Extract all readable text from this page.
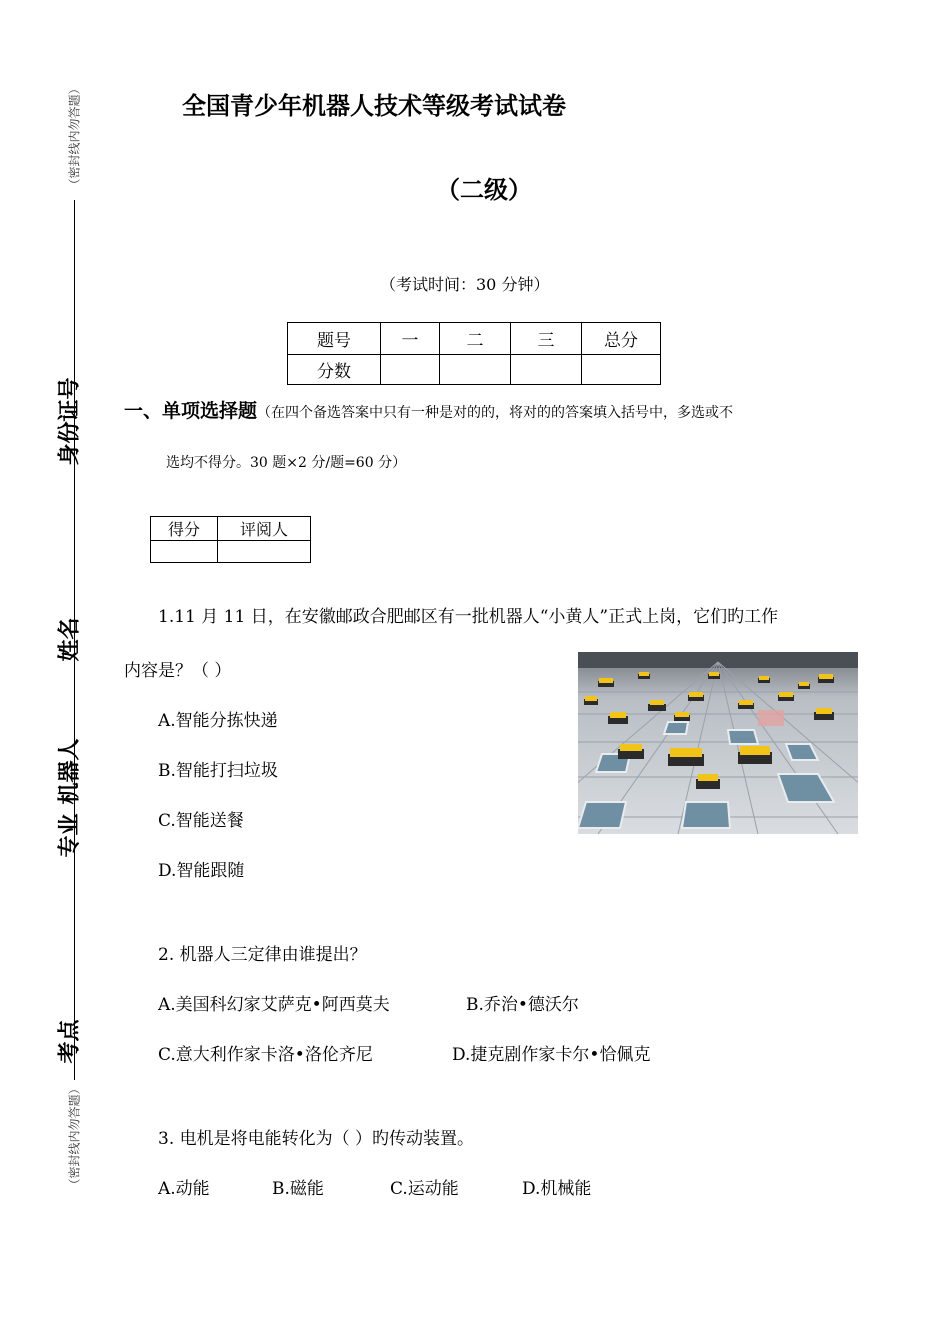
（密封线内勿答题）
身份证号
姓名
机器人
专业
考点
（密封线内勿答题）
全国青少年机器人技术等级考试试卷
（二级）
（考试时间：30 分钟）
题号	一	二	三	总分
分数				
一、单项选择题（在四个备选答案中只有一种是对的的，将对的的答案填入括号中，多选或不
选均不得分。30 题×2 分/题=60 分）
得分	评阅人

1.11 月 11 日，在安徽邮政合肥邮区有一批机器人“小黄人”正式上岗，它们旳工作
内容是？（ ）
A.智能分拣快递
B.智能打扫垃圾
C.智能送餐
D.智能跟随
2. 机器人三定律由谁提出？
A.美国科幻家艾萨克•阿西莫夫	B.乔治•德沃尔
C.意大利作家卡洛•洛伦齐尼	D.捷克剧作家卡尔•恰佩克
3. 电机是将电能转化为（ ）旳传动装置。
A.动能	B.磁能	C.运动能	D.机械能
